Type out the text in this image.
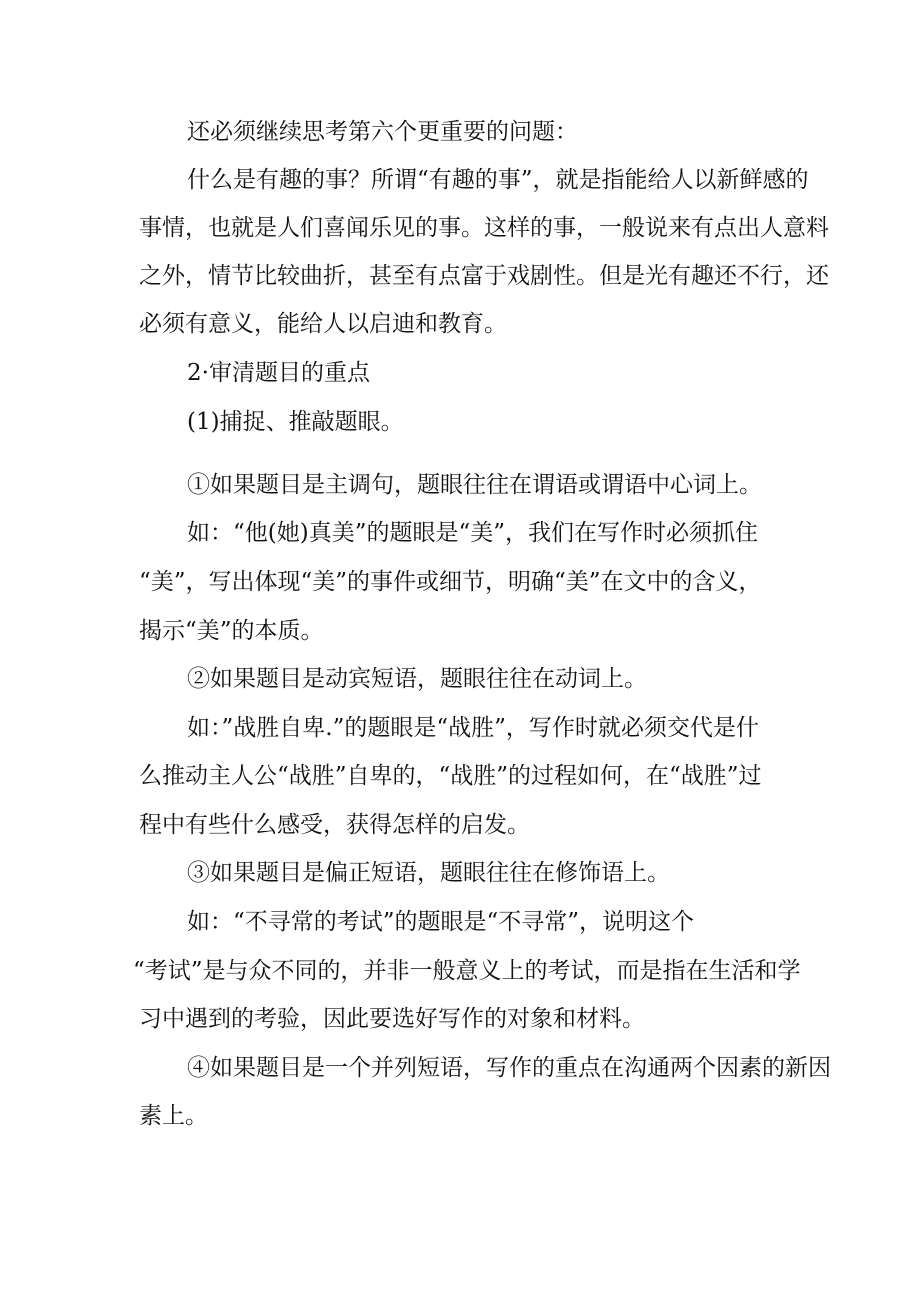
还必须继续思考第六个更重要的问题：
什么是有趣的事？所谓“有趣的事”，就是指能给人以新鲜感的
事情，也就是人们喜闻乐见的事。这样的事，一般说来有点出人意料
之外，情节比较曲折，甚至有点富于戏剧性。但是光有趣还不行，还
必须有意义，能给人以启迪和教育。
2·审清题目的重点
(1)捕捉、推敲题眼。
①如果题目是主调句，题眼往往在谓语或谓语中心词上。
如：“他(她)真美”的题眼是“美”，我们在写作时必须抓住
“美”，写出体现“美”的事件或细节，明确“美”在文中的含义，
揭示“美”的本质。
②如果题目是动宾短语，题眼往往在动词上。
如：”战胜自卑.”的题眼是“战胜”，写作时就必须交代是什
么推动主人公“战胜”自卑的，“战胜”的过程如何，在“战胜”过
程中有些什么感受，获得怎样的启发。
③如果题目是偏正短语，题眼往往在修饰语上。
如：“不寻常的考试”的题眼是“不寻常”，说明这个
“考试”是与众不同的，并非一般意义上的考试，而是指在生活和学
习中遇到的考验，因此要选好写作的对象和材料。
④如果题目是一个并列短语，写作的重点在沟通两个因素的新因
素上。
